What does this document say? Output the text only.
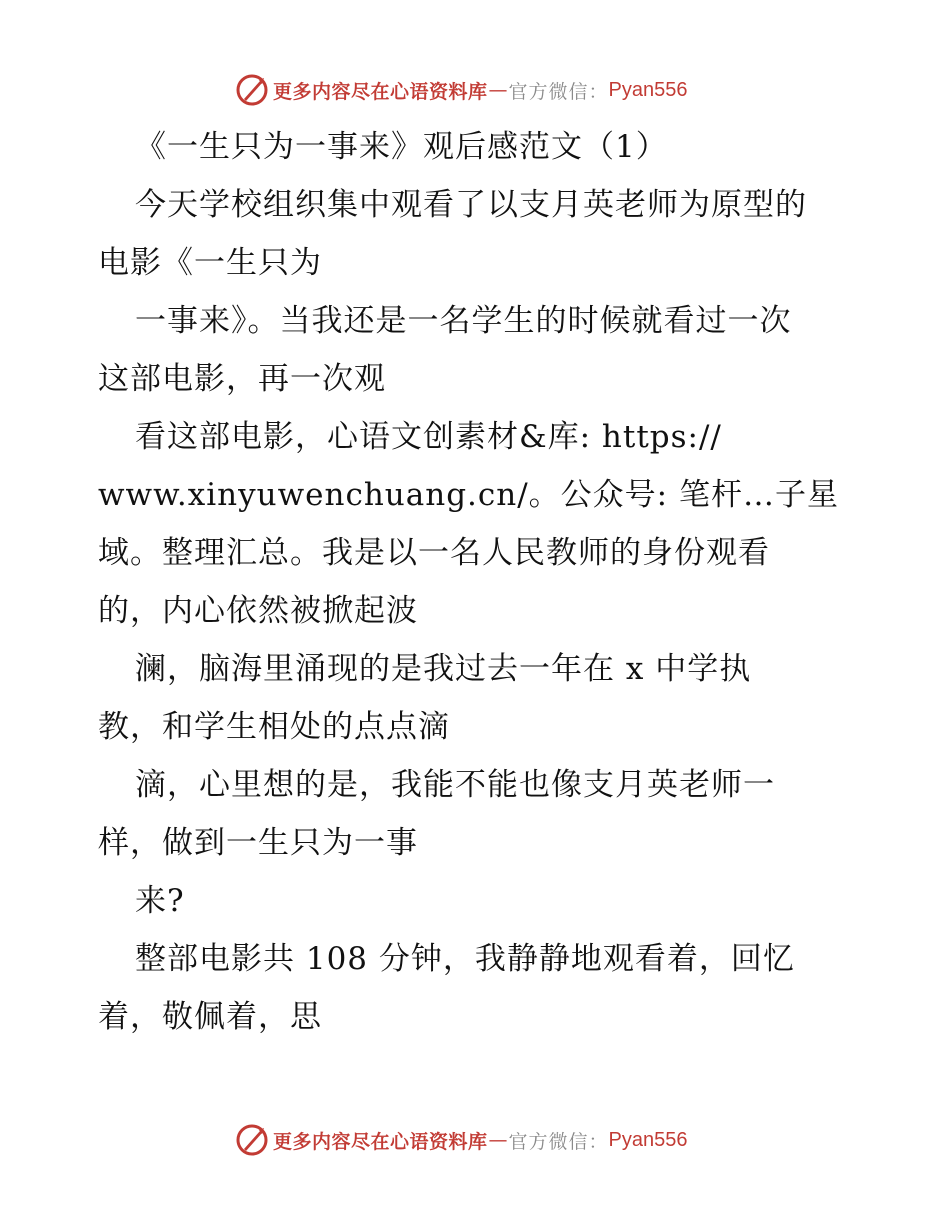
更多内容尽在心语资料库 — 官方微信： Pyan556
《一生只为一事来》观后感范文（1）
今天学校组织集中观看了以支月英老师为原型的
电影《一生只为
一事来》。当我还是一名学生的时候就看过一次
这部电影，再一次观
看这部电影，心语文创素材&库: https://
www.xinyuwenchuang.cn/。公众号: 笔杆…子星
域。整理汇总。我是以一名人民教师的身份观看
的，内心依然被掀起波
澜，脑海里涌现的是我过去一年在 x 中学执
教，和学生相处的点点滴
滴，心里想的是，我能不能也像支月英老师一
样，做到一生只为一事
来?
整部电影共 108 分钟，我静静地观看着，回忆
着，敬佩着，思
更多内容尽在心语资料库 — 官方微信： Pyan556
